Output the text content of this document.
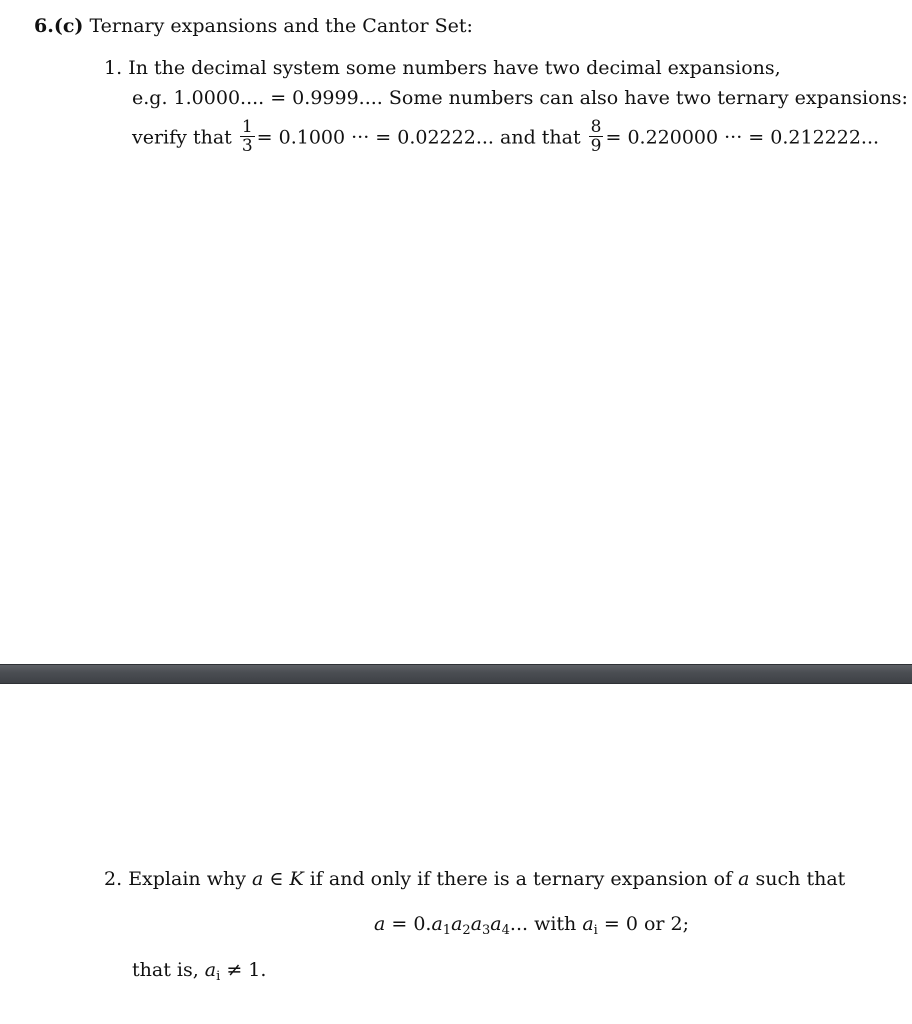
6.(c) Ternary expansions and the Cantor Set:
1. In the decimal system some numbers have two decimal expansions,
e.g. 1.0000.... = 0.9999.... Some numbers can also have two ternary expansions:
verify that $\frac{1}{3} = 0.1000$ ··· = 0.02222... and that $\frac{8}{9} = 0.220000$ ··· = 0.212222...
2. Explain why a ∈ K if and only if there is a ternary expansion of a such that
$a = 0.a_1a_2a_3a_4$... with $a_i = 0$ or 2;
that is, $a_i \ne 1$.
